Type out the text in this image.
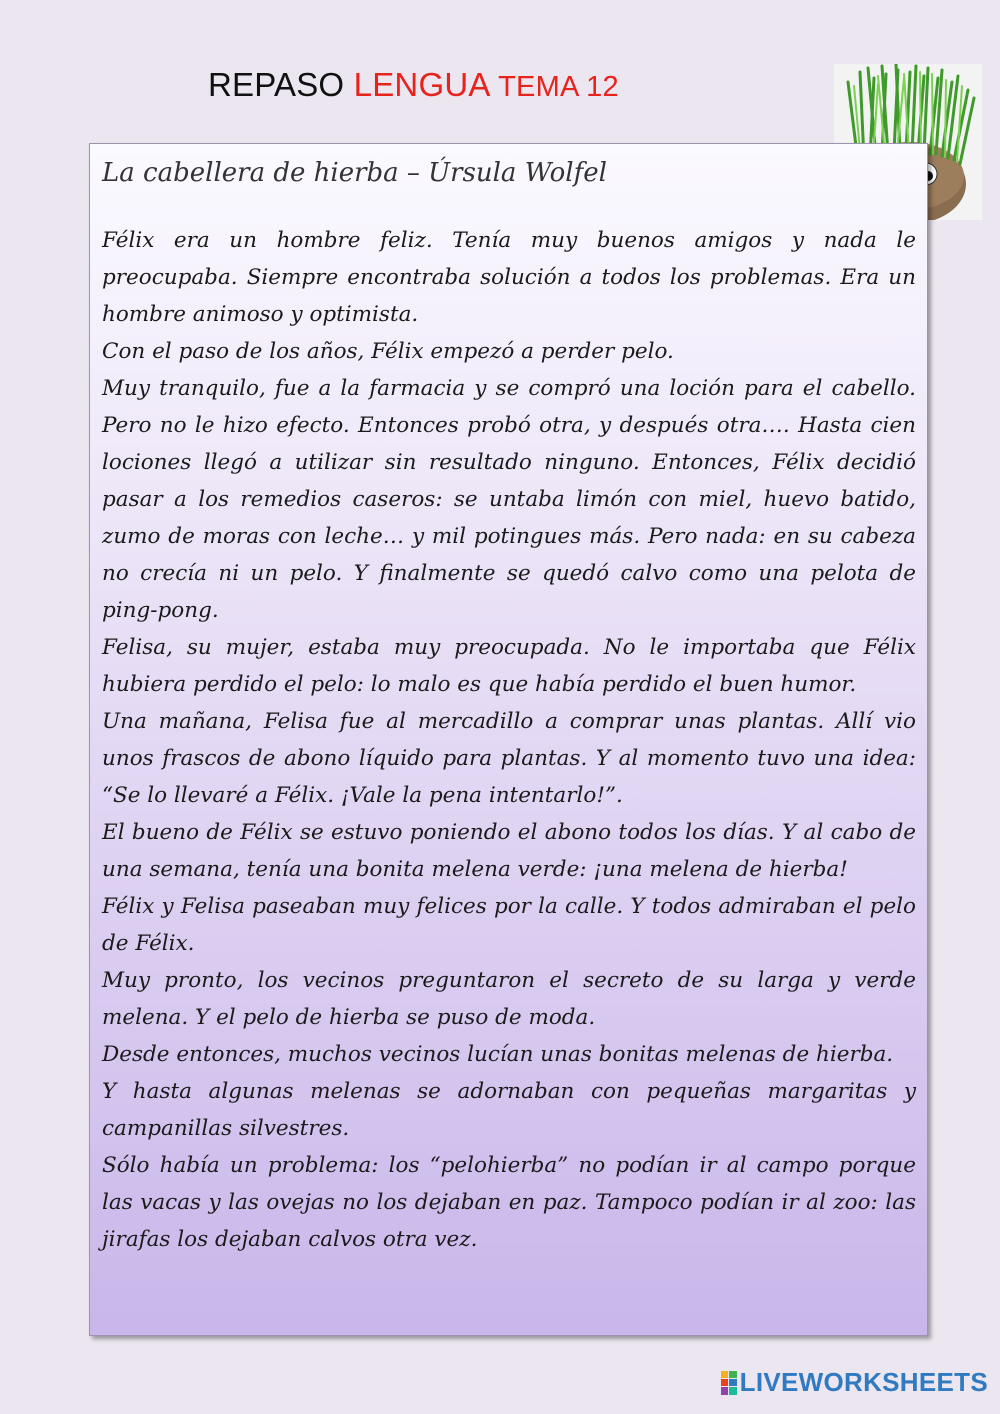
REPASO LENGUA TEMA 12
La cabellera de hierba – Úrsula Wolfel

Félix era un hombre feliz. Tenía muy buenos amigos y nada le preocupaba. Siempre encontraba solución a todos los problemas. Era un hombre animoso y optimista.

Con el paso de los años, Félix empezó a perder pelo.

Muy tranquilo, fue a la farmacia y se compró una loción para el cabello. Pero no le hizo efecto. Entonces probó otra, y después otra…. Hasta cien lociones llegó a utilizar sin resultado ninguno. Entonces, Félix decidió pasar a los remedios caseros: se untaba limón con miel, huevo batido, zumo de moras con leche… y mil potingues más. Pero nada: en su cabeza no crecía ni un pelo. Y finalmente se quedó calvo como una pelota de ping-pong.

Felisa, su mujer, estaba muy preocupada. No le importaba que Félix hubiera perdido el pelo: lo malo es que había perdido el buen humor.

Una mañana, Felisa fue al mercadillo a comprar unas plantas. Allí vio unos frascos de abono líquido para plantas. Y al momento tuvo una idea: “Se lo llevaré a Félix. ¡Vale la pena intentarlo!”.

El bueno de Félix se estuvo poniendo el abono todos los días. Y al cabo de una semana, tenía una bonita melena verde: ¡una melena de hierba!

Félix y Felisa paseaban muy felices por la calle. Y todos admiraban el pelo de Félix.

Muy pronto, los vecinos preguntaron el secreto de su larga y verde melena. Y el pelo de hierba se puso de moda.

Desde entonces, muchos vecinos lucían unas bonitas melenas de hierba.

Y hasta algunas melenas se adornaban con pequeñas margaritas y campanillas silvestres.

Sólo había un problema: los “pelohierba” no podían ir al campo porque las vacas y las ovejas no los dejaban en paz. Tampoco podían ir al zoo: las jirafas los dejaban calvos otra vez.

LIVEWORKSHEETS
